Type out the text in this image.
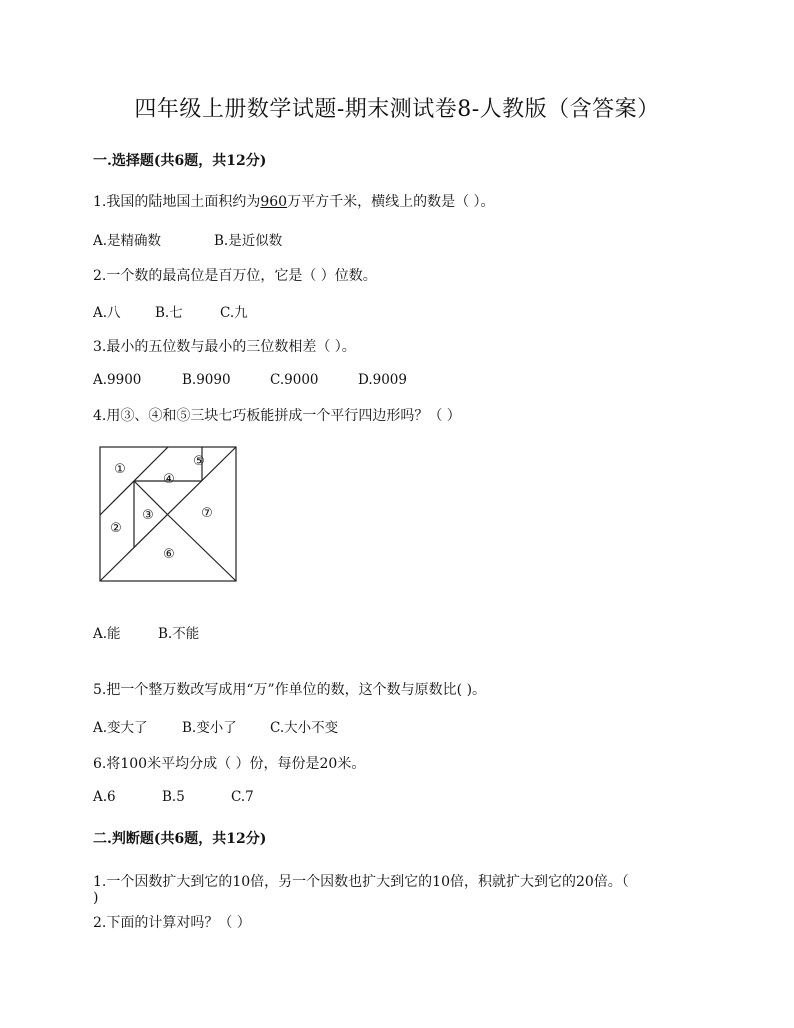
四年级上册数学试题-期末测试卷8-人教版（含答案）
一.选择题(共6题，共12分)
1.我国的陆地国土面积约为960万平方千米，横线上的数是（ ）。
A.是精确数	B.是近似数
2.一个数的最高位是百万位，它是（ ）位数。
A.八	B.七	C.九
3.最小的五位数与最小的三位数相差（ ）。
A.9900	B.9090	C.9000	D.9009
4.用③、④和⑤三块七巧板能拼成一个平行四边形吗？（ ）
①
②
③
④
⑤
⑥
⑦
A.能	B.不能
5.把一个整万数改写成用“万”作单位的数，这个数与原数比( )。
A.变大了	B.变小了 C.大小不变
6.将100米平均分成（ ）份，每份是20米。
A.6	B.5	C.7
二.判断题(共6题，共12分)
1.一个因数扩大到它的10倍，另一个因数也扩大到它的10倍，积就扩大到它的20倍。（
)
2.下面的计算对吗？（ ）
